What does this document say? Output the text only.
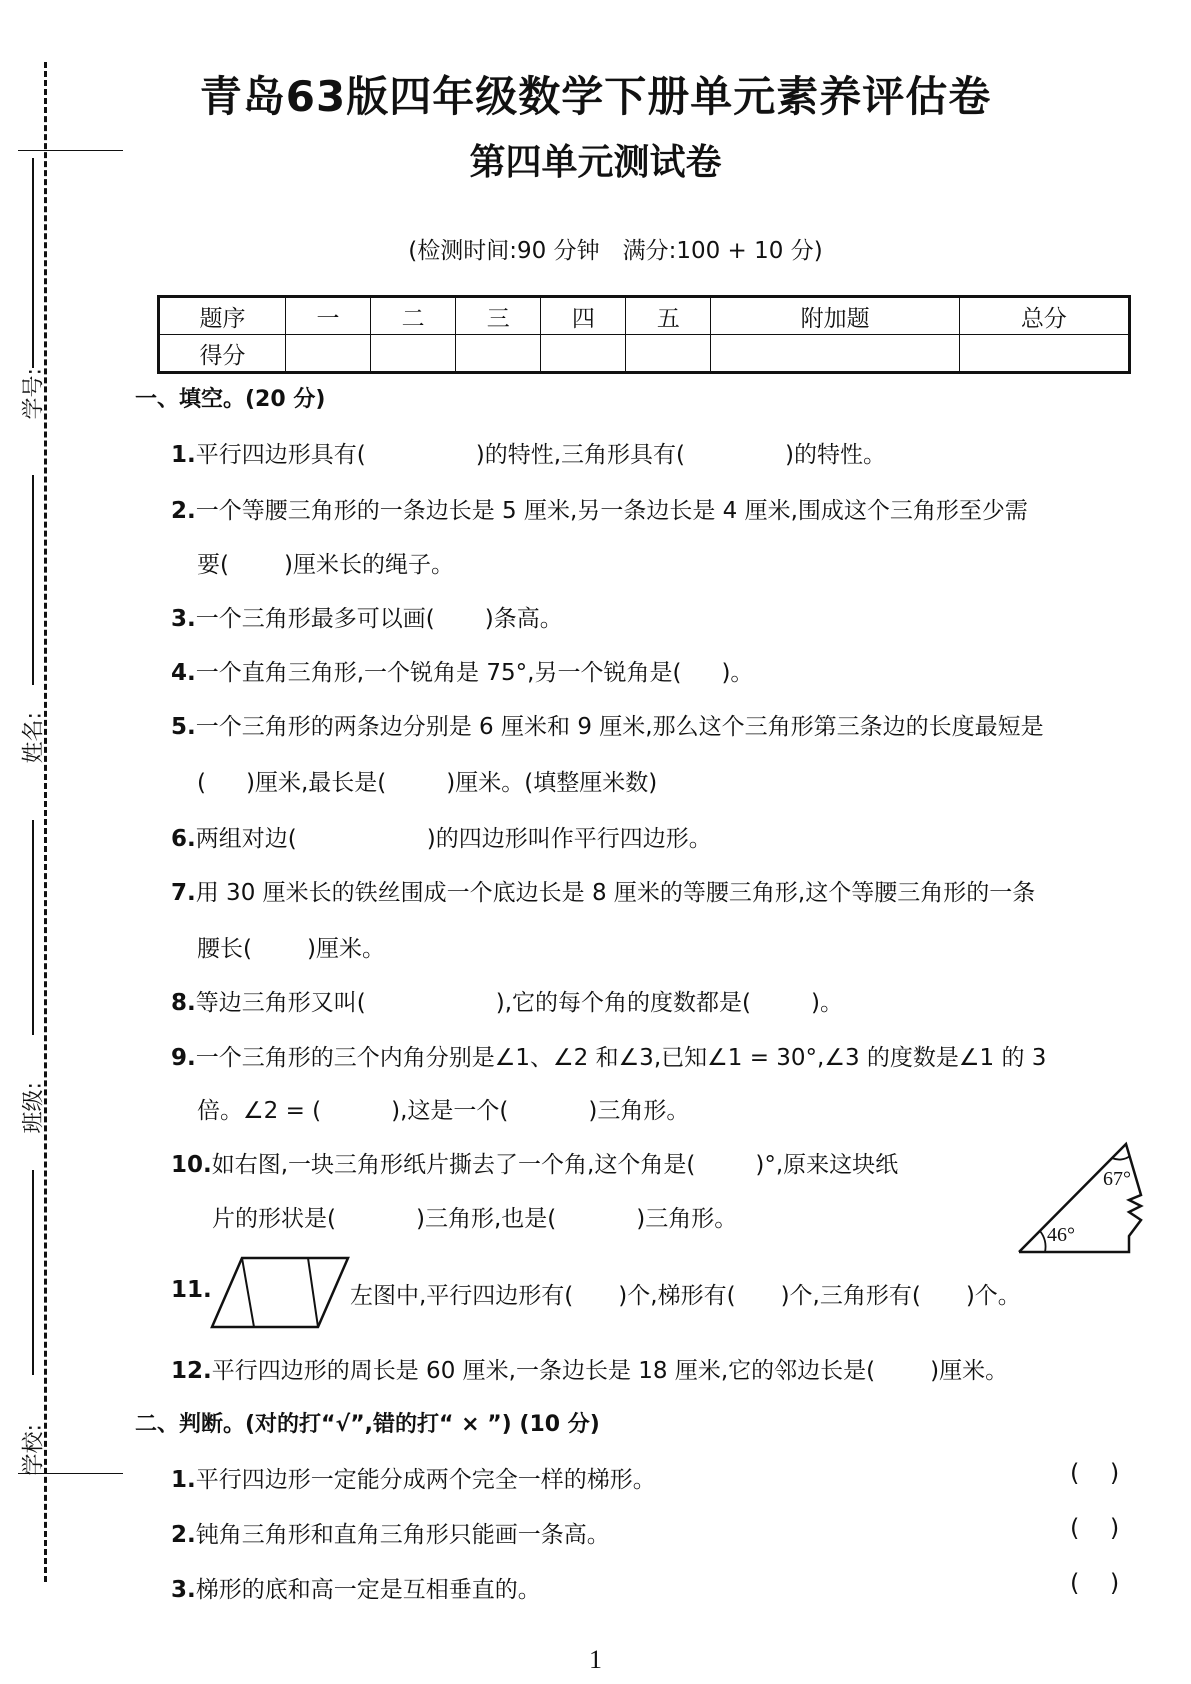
学号:
姓名:
班级:
学校:
青岛63版四年级数学下册单元素养评估卷
第四单元测试卷
(检测时间:90 分钟　满分:100 + 10 分)
题序	一	二	三	四	五	附加题	总分
得分							
一、填空。(20 分)
1.平行四边形具有(	)的特性,三角形具有(	)的特性。
2.一个等腰三角形的一条边长是 5 厘米,另一条边长是 4 厘米,围成这个三角形至少需
要( )厘米长的绳子。
3.一个三角形最多可以画( )条高。
4.一个直角三角形,一个锐角是 75°,另一个锐角是( )。
5.一个三角形的两条边分别是 6 厘米和 9 厘米,那么这个三角形第三条边的长度最短是
( )厘米,最长是(	)厘米。(填整厘米数)
6.两组对边(	)的四边形叫作平行四边形。
7.用 30 厘米长的铁丝围成一个底边长是 8 厘米的等腰三角形,这个等腰三角形的一条
腰长( )厘米。
8.等边三角形又叫(	),它的每个角的度数都是(	)。
9.一个三角形的三个内角分别是∠1、∠2 和∠3,已知∠1 = 30°,∠3 的度数是∠1 的 3
倍。∠2 = (	),这是一个(	)三角形。
10.如右图,一块三角形纸片撕去了一个角,这个角是(	)°,原来这块纸
片的形状是(	)三角形,也是(	)三角形。
46°
67°
11.	左图中,平行四边形有( )个,梯形有( )个,三角形有( )个。
12.平行四边形的周长是 60 厘米,一条边长是 18 厘米,它的邻边长是( )厘米。
二、判断。(对的打“√”,错的打“ × ”) (10 分)
1.平行四边形一定能分成两个完全一样的梯形。	(    )
2.钝角三角形和直角三角形只能画一条高。	(    )
3.梯形的底和高一定是互相垂直的。	(    )
1
